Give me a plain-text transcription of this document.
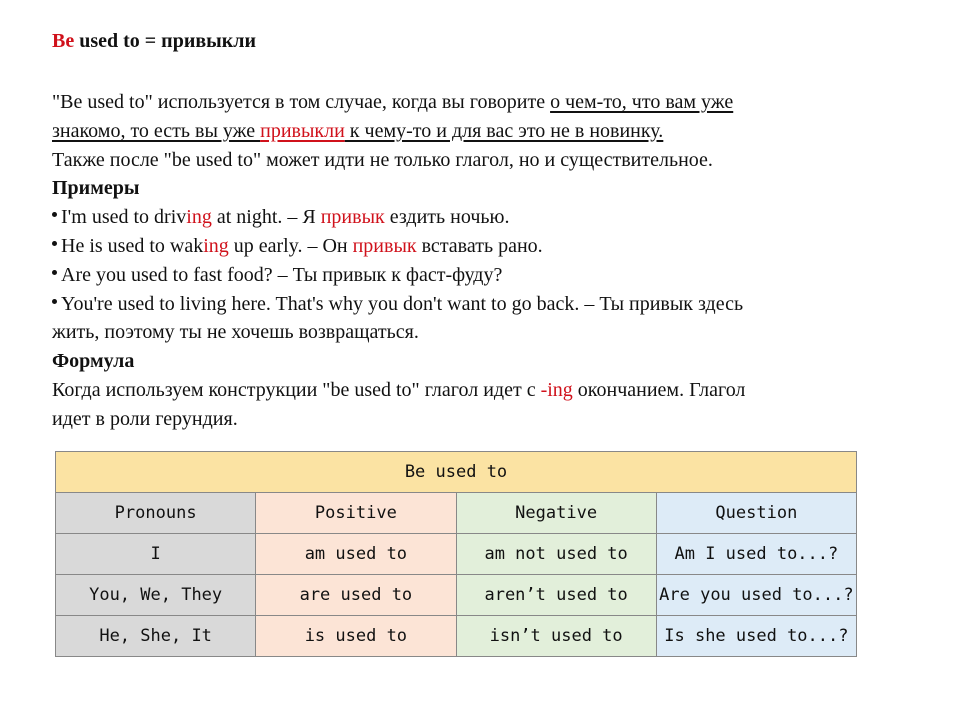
Be used to = привыкли
"Be used to" используется в том случае, когда вы говорите о чем-то, что вам уже
знакомо, то есть вы уже привыкли к чему-то и для вас это не в новинку.
Также после "be used to" может идти не только глагол, но и существительное.
Примеры
I'm used to driving at night. – Я привык ездить ночью.
He is used to waking up early. – Он привык вставать рано.
Are you used to fast food? – Ты привык к фаст-фуду?
You're used to living here. That's why you don't want to go back. – Ты привык здесь
жить, поэтому ты не хочешь возвращаться.
Формула
Когда используем конструкции "be used to" глагол идет с -ing окончанием. Глагол
идет в роли герундия.
Be used to			
Pronouns	Positive	Negative	Question
I	am used to	am not used to	Am I used to...?
You, We, They	are used to	aren’t used to	Are you used to...?
He, She, It	is used to	isn’t used to	Is she used to...?
